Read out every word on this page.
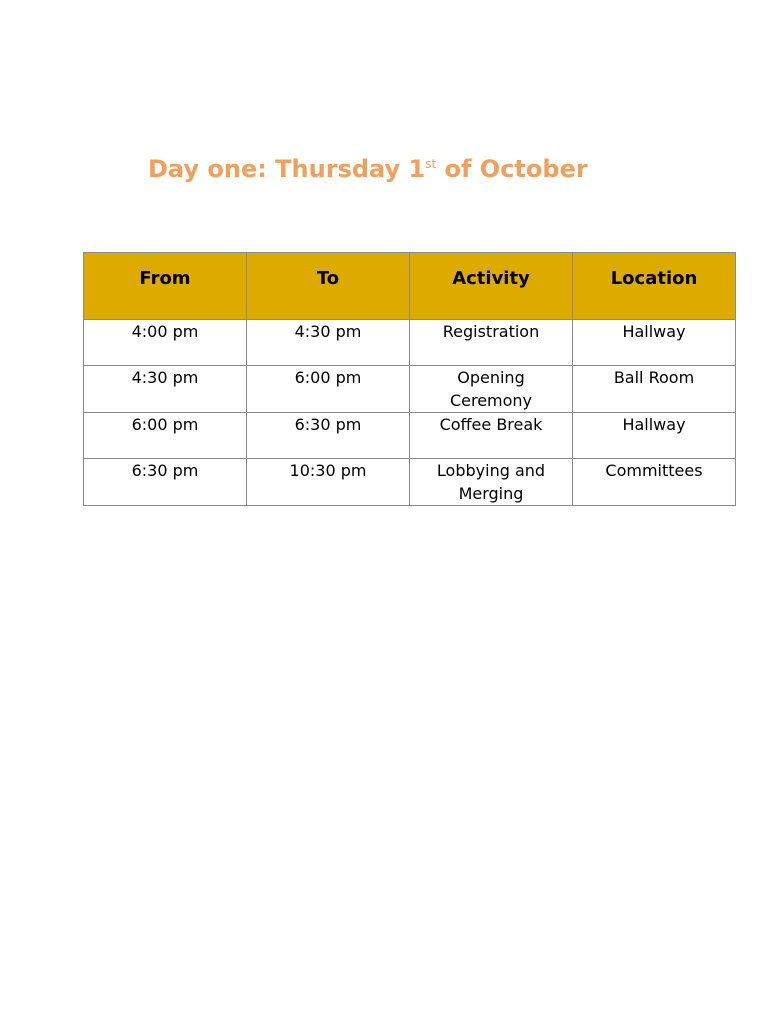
Day one: Thursday 1st of October
From	To	Activity	Location
4:00 pm	4:30 pm	Registration	Hallway
4:30 pm	6:00 pm	Opening Ceremony	Ball Room
6:00 pm	6:30 pm	Coffee Break	Hallway
6:30 pm	10:30 pm	Lobbying and Merging	Committees
